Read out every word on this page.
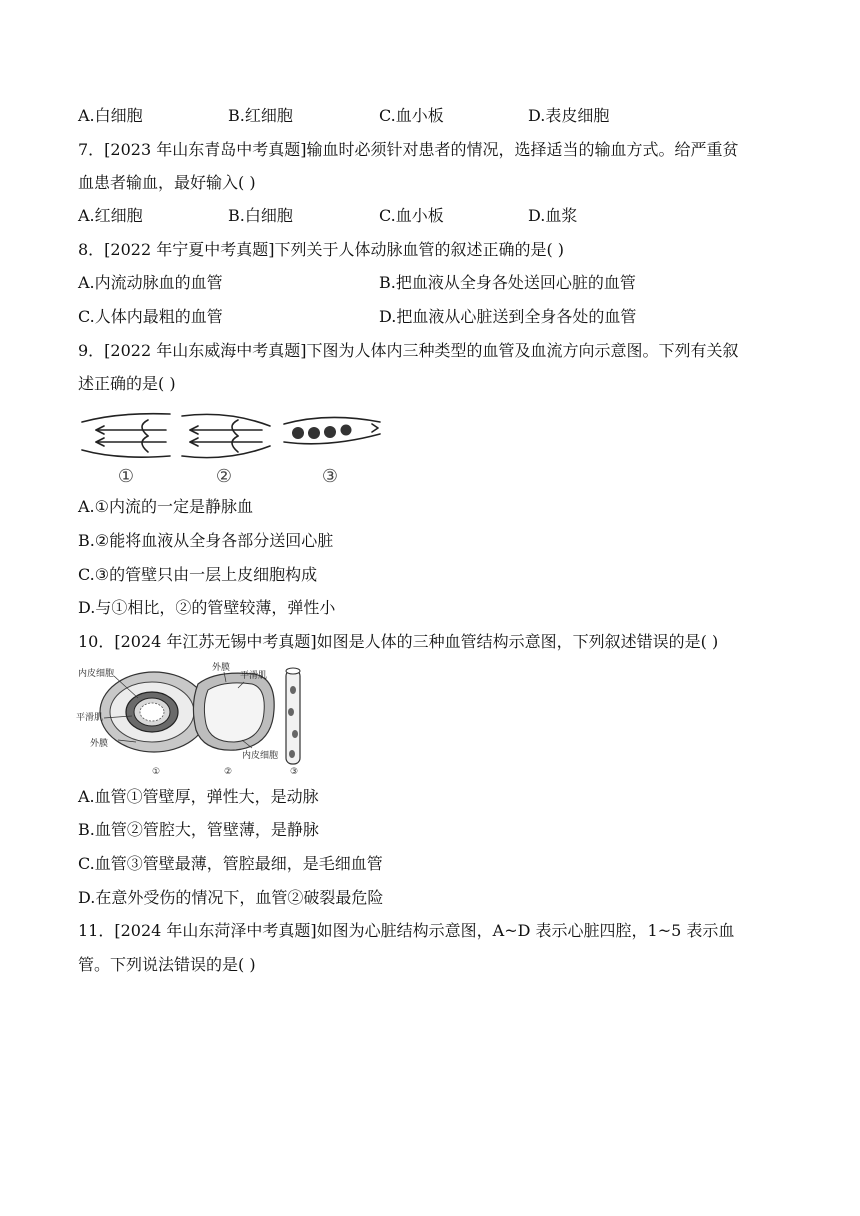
A.白细胞	B.红细胞	C.血小板	D.表皮细胞
7．[2023 年山东青岛中考真题]输血时必须针对患者的情况，选择适当的输血方式。给严重贫
血患者输血，最好输入( )
A.红细胞	B.白细胞	C.血小板	D.血浆
8．[2022 年宁夏中考真题]下列关于人体动脉血管的叙述正确的是( )
A.内流动脉血的血管	B.把血液从全身各处送回心脏的血管
C.人体内最粗的血管	D.把血液从心脏送到全身各处的血管
9．[2022 年山东威海中考真题]下图为人体内三种类型的血管及血流方向示意图。下列有关叙
述正确的是( )
①	②	③
A.①内流的一定是静脉血
B.②能将血液从全身各部分送回心脏
C.③的管壁只由一层上皮细胞构成
D.与①相比，②的管壁较薄，弹性小
10．[2024 年江苏无锡中考真题]如图是人体的三种血管结构示意图，下列叙述错误的是( )
内皮细胞
平滑肌
外膜
外膜
平滑肌
内皮细胞
①	②	③
A.血管①管壁厚，弹性大，是动脉
B.血管②管腔大，管壁薄，是静脉
C.血管③管壁最薄，管腔最细，是毛细血管
D.在意外受伤的情况下，血管②破裂最危险
11．[2024 年山东菏泽中考真题]如图为心脏结构示意图，A~D 表示心脏四腔，1~5 表示血
管。下列说法错误的是( )
